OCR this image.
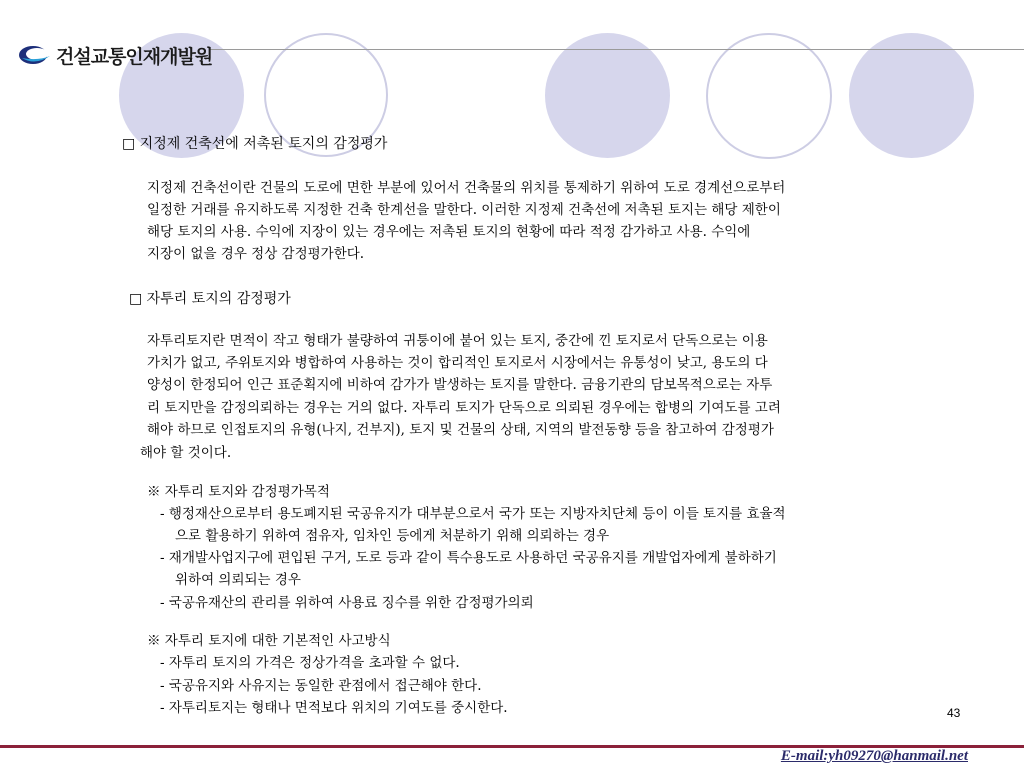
건설교통인재개발원
□ 지정제 건축선에 저촉된 토지의 감정평가
지정제 건축선이란 건물의 도로에 면한 부분에 있어서 건축물의 위치를 통제하기 위하여 도로 경계선으로부터
일정한 거래를 유지하도록 지정한 건축 한계선을 말한다. 이러한 지정제 건축선에 저촉된 토지는 해당 제한이
해당 토지의 사용. 수익에 지장이 있는 경우에는 저촉된 토지의 현황에 따라 적정 감가하고 사용. 수익에
지장이 없을 경우 정상 감정평가한다.
□ 자투리 토지의 감정평가
자투리토지란 면적이 작고 형태가 불량하여 귀퉁이에 붙어 있는 토지, 중간에 낀 토지로서 단독으로는 이용
가치가 없고, 주위토지와 병합하여 사용하는 것이 합리적인 토지로서 시장에서는 유통성이 낮고, 용도의 다
양성이 한정되어 인근 표준획지에 비하여 감가가 발생하는 토지를 말한다. 금융기관의 담보목적으로는 자투
리 토지만을 감정의뢰하는 경우는 거의 없다. 자투리 토지가 단독으로 의뢰된 경우에는 합병의 기여도를 고려
해야 하므로 인접토지의 유형(나지, 건부지), 토지 및 건물의 상태, 지역의 발전동향 등을 참고하여 감정평가
해야 할 것이다.
※ 자투리 토지와 감정평가목적
- 행정재산으로부터 용도폐지된 국공유지가 대부분으로서 국가 또는 지방자치단체 등이 이들 토지를 효율적
으로 활용하기 위하여 점유자, 임차인 등에게 처분하기 위해 의뢰하는 경우
- 재개발사업지구에 편입된 구거, 도로 등과 같이 특수용도로 사용하던 국공유지를 개발업자에게 불하하기
위하여 의뢰되는 경우
- 국공유재산의 관리를 위하여 사용료 징수를 위한 감정평가의뢰
※ 자투리 토지에 대한 기본적인 사고방식
- 자투리 토지의 가격은 정상가격을 초과할 수 없다.
- 국공유지와 사유지는 동일한 관점에서 접근해야 한다.
- 자투리토지는 형태나 면적보다 위치의 기여도를 중시한다.	43
E-mail:yh09270@hanmail.net
